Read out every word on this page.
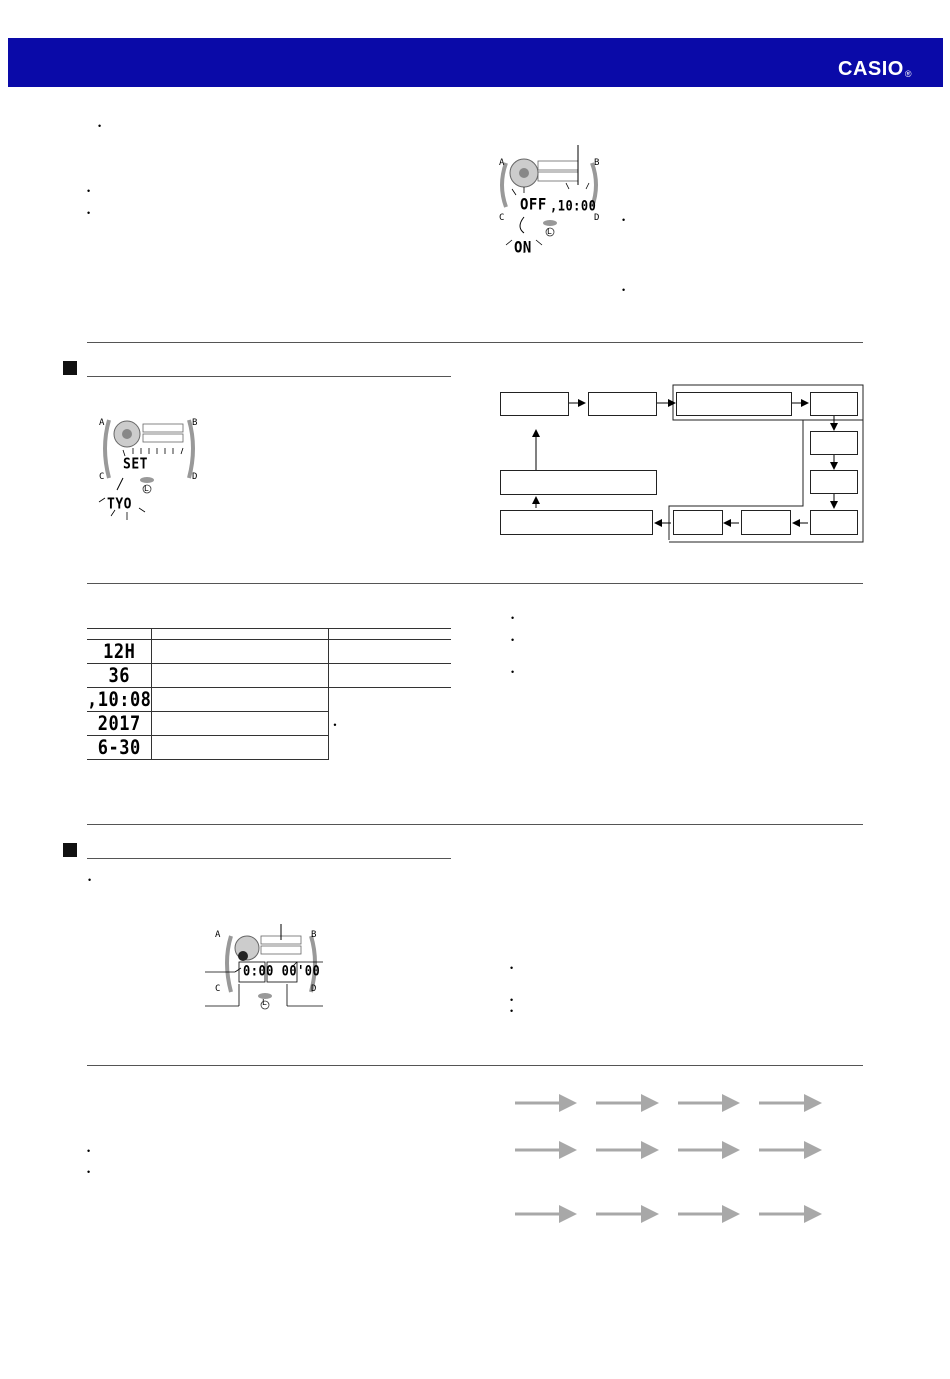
CASIO®
•
•
•
A	B
C	D
L
OFF ,10:00
ON
•
•
A	B
C	D
L
SET
TYO

12H		
36		
,10:08		•
2017		
6-30		
•
•
•
•
A	B
C	D
L
0:00 00'00	•
•
•
•
•
